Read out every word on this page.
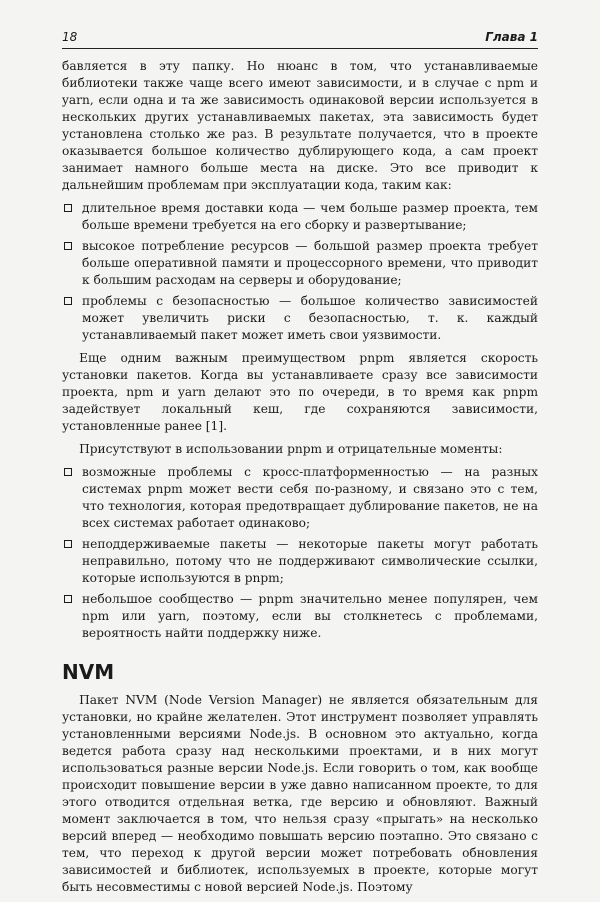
18	Глава 1

бавляется в эту папку. Но нюанс в том, что устанавливаемые библиотеки также чаще всего имеют зависимости, и в случае с npm и yarn, если одна и та же зависимость одинаковой версии используется в нескольких других устанавливаемых пакетах, эта зависимость будет установлена столько же раз. В результате получается, что в проекте оказывается большое количество дублирующего кода, а сам проект занимает намного больше места на диске. Это все приводит к дальнейшим проблемам при эксплуатации кода, таким как:

длительное время доставки кода — чем больше размер проекта, тем больше времени требуется на его сборку и развертывание;
высокое потребление ресурсов — большой размер проекта требует больше оперативной памяти и процессорного времени, что приводит к большим расходам на серверы и оборудование;
проблемы с безопасностью — большое количество зависимостей может увеличить риски с безопасностью, т. к. каждый устанавливаемый пакет может иметь свои уязвимости.

Еще одним важным преимуществом pnpm является скорость установки пакетов. Когда вы устанавливаете сразу все зависимости проекта, npm и yarn делают это по очереди, в то время как pnpm задействует локальный кеш, где сохраняются зависимости, установленные ранее [1].

Присутствуют в использовании pnpm и отрицательные моменты:

возможные проблемы с кросс-платформенностью — на разных системах pnpm может вести себя по-разному, и связано это с тем, что технология, которая предотвращает дублирование пакетов, не на всех системах работает одинаково;
неподдерживаемые пакеты — некоторые пакеты могут работать неправильно, потому что не поддерживают символические ссылки, которые используются в pnpm;
небольшое сообщество — pnpm значительно менее популярен, чем npm или yarn, поэтому, если вы столкнетесь с проблемами, вероятность найти поддержку ниже.
NVM

Пакет NVM (Node Version Manager) не является обязательным для установки, но крайне желателен. Этот инструмент позволяет управлять установленными версиями Node.js. В основном это актуально, когда ведется работа сразу над несколькими проектами, и в них могут использоваться разные версии Node.js. Если говорить о том, как вообще происходит повышение версии в уже давно написанном проекте, то для этого отводится отдельная ветка, где версию и обновляют. Важный момент заключается в том, что нельзя сразу «прыгать» на несколько версий вперед — необходимо повышать версию поэтапно. Это связано с тем, что переход к другой версии может потребовать обновления зависимостей и библиотек, используемых в проекте, которые могут быть несовместимы с новой версией Node.js. Поэтому
